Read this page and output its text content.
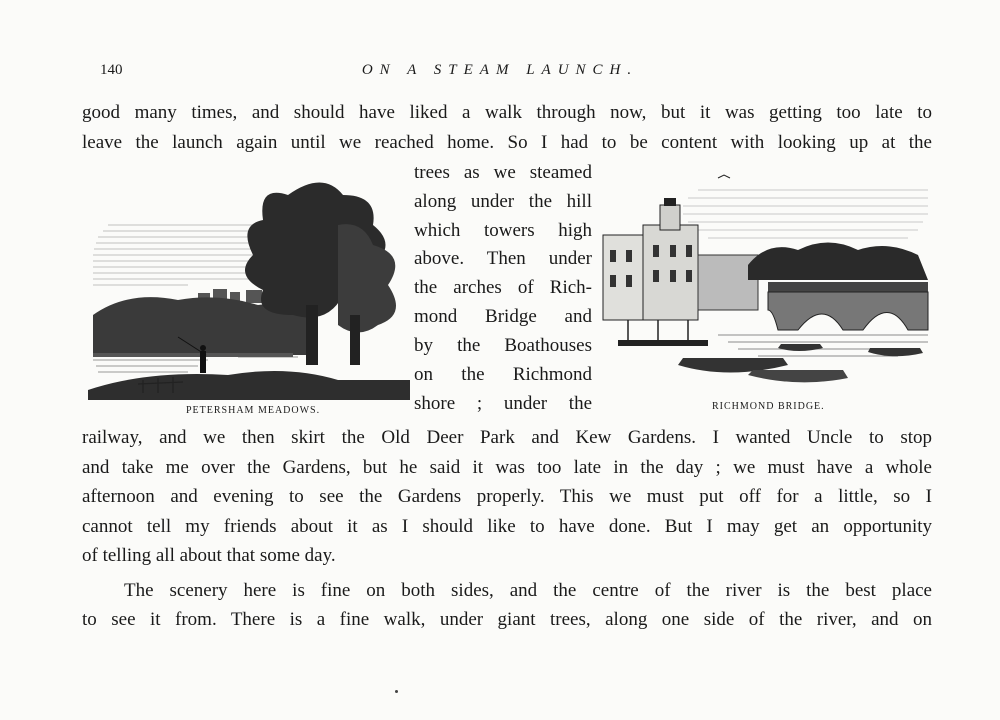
140	ON A STEAM LAUNCH.
good many times, and should have liked a walk through now, but it was getting too late to
leave the launch again until we reached home. So I had to be content with looking up at the
trees as we steamed
along under the hill
which towers high
above. Then under
the arches of Rich-
mond Bridge and
by the Boathouses
on the Richmond
shore ; under the
PETERSHAM MEADOWS.	RICHMOND BRIDGE.
railway, and we then skirt the Old Deer Park and Kew Gardens. I wanted Uncle to stop
and take me over the Gardens, but he said it was too late in the day ; we must have a whole
afternoon and evening to see the Gardens properly. This we must put off for a little, so I
cannot tell my friends about it as I should like to have done. But I may get an opportunity
of telling all about that some day.
The scenery here is fine on both sides, and the centre of the river is the best place
to see it from. There is a fine walk, under giant trees, along one side of the river, and on
